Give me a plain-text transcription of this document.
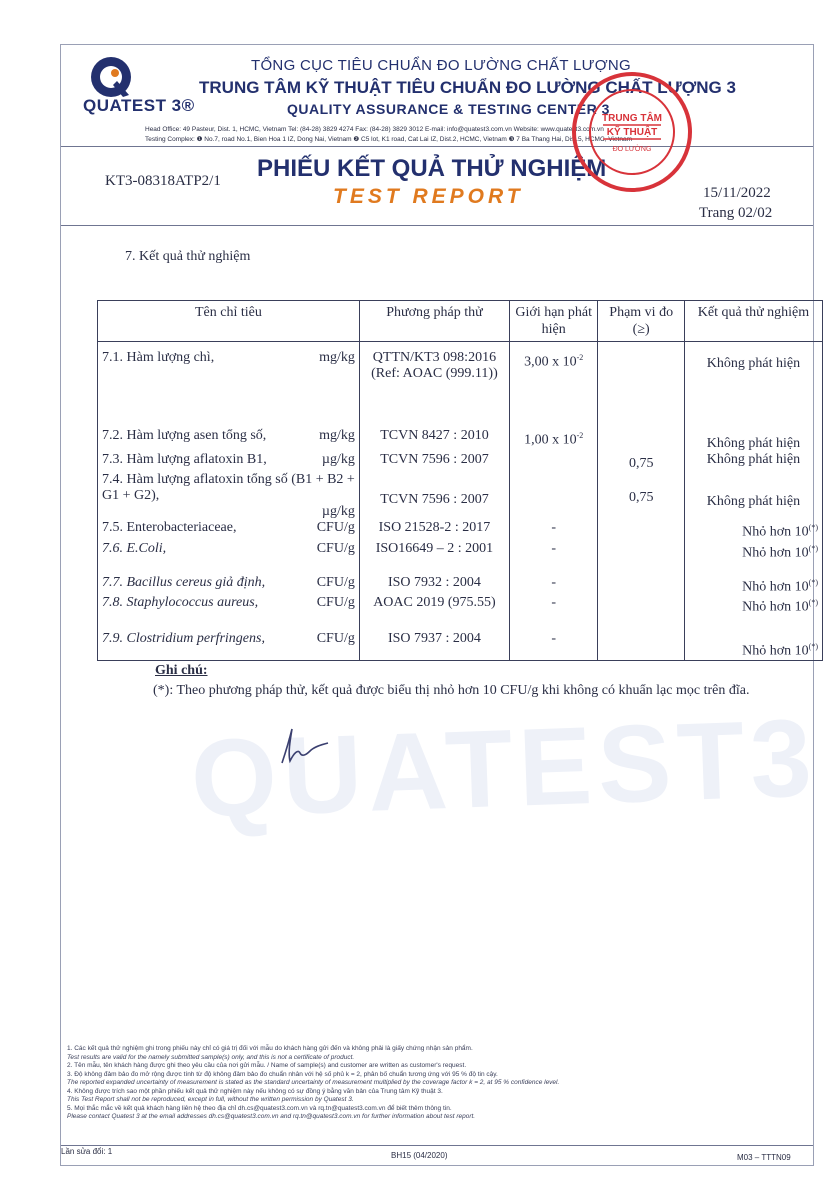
QUATEST3
QUATEST 3®
TỔNG CỤC TIÊU CHUẨN ĐO LƯỜNG CHẤT LƯỢNG
TRUNG TÂM KỸ THUẬT TIÊU CHUẨN ĐO LƯỜNG CHẤT LƯỢNG 3
QUALITY ASSURANCE & TESTING CENTER 3
Head Office: 49 Pasteur, Dist. 1, HCMC, Vietnam Tel: (84-28) 3829 4274 Fax: (84-28) 3829 3012 E-mail: info@quatest3.com.vn Website: www.quatest3.com.vn
Testing Complex: ❶ No.7, road No.1, Bien Hoa 1 IZ, Dong Nai, Vietnam ❷ C5 lot, K1 road, Cat Lai IZ, Dist.2, HCMC, Vietnam ❸ 7 Ba Thang Hai, Dist.5, HCMC, Vietnam
PHIẾU KẾT QUẢ THỬ NGHIỆM
TEST REPORT
KT3-08318ATP2/1
15/11/2022
Trang 02/02
TRUNG TÂM
KỸ THUẬT
ĐO LƯỜNG
7. Kết quả thử nghiệm
Tên chỉ tiêu	Phương pháp thử	Giới hạn phát hiện	Phạm vi đo (≥)	Kết quả thử nghiệm

7.1. Hàm lượng chì, mg/kg	QTTN/KT3 098:2016 (Ref: AOAC (999.11))	3,00 x $10^{-2}$		Không phát hiện

7.2. Hàm lượng asen tổng số, mg/kg	TCVN 8427 : 2010	1,00 x $10^{-2}$		Không phát hiện

7.3. Hàm lượng aflatoxin B1, µg/kg	TCVN 7596 : 2007		0,75	Không phát hiện

7.4. Hàm lượng aflatoxin tổng số (B1 + B2 + G1 + G2),
µg/kg	TCVN 7596 : 2007		0,75	Không phát hiện

7.5. Enterobacteriaceae, CFU/g	ISO 21528-2 : 2017	-		Nhỏ hơn 10(*)

7.6. E.Coli, CFU/g	ISO16649 – 2 : 2001	-		Nhỏ hơn 10(*)

7.7. Bacillus cereus giả định, CFU/g	ISO 7932 : 2004	-		Nhỏ hơn 10(*)

7.8. Staphylococcus aureus, CFU/g	AOAC 2019 (975.55)	-		Nhỏ hơn 10(*)

7.9. Clostridium perfringens, CFU/g	ISO 7937 : 2004	-		Nhỏ hơn 10(*)
Ghi chú:
(*): Theo phương pháp thử, kết quả được biểu thị nhỏ hơn 10 CFU/g khi không có khuẩn lạc mọc trên đĩa.
1. Các kết quả thử nghiệm ghi trong phiếu này chỉ có giá trị đối với mẫu do khách hàng gửi đến và không phải là giấy chứng nhận sản phẩm.
Test results are valid for the namely submitted sample(s) only, and this is not a certificate of product.
2. Tên mẫu, tên khách hàng được ghi theo yêu cầu của nơi gửi mẫu. / Name of sample(s) and customer are written as customer's request.
3. Độ không đảm bảo đo mở rộng được tính từ độ không đảm bảo đo chuẩn nhân với hệ số phủ k = 2, phân bố chuẩn tương ứng với 95 % độ tin cậy.
The reported expanded uncertainty of measurement is stated as the standard uncertainty of measurement multiplied by the coverage factor k = 2, at 95 % confidence level.
4. Không được trích sao một phần phiếu kết quả thử nghiệm này nếu không có sự đồng ý bằng văn bản của Trung tâm Kỹ thuật 3.
This Test Report shall not be reproduced, except in full, without the written permission by Quatest 3.
5. Mọi thắc mắc về kết quả khách hàng liên hệ theo địa chỉ dh.cs@quatest3.com.vn và rq.tn@quatest3.com.vn để biết thêm thông tin.
Please contact Quatest 3 at the email addresses dh.cs@quatest3.com.vn and rq.tn@quatest3.com.vn for further information about test report.
Lần sửa đổi: 1	BH15 (04/2020)	M03 – TTTN09
